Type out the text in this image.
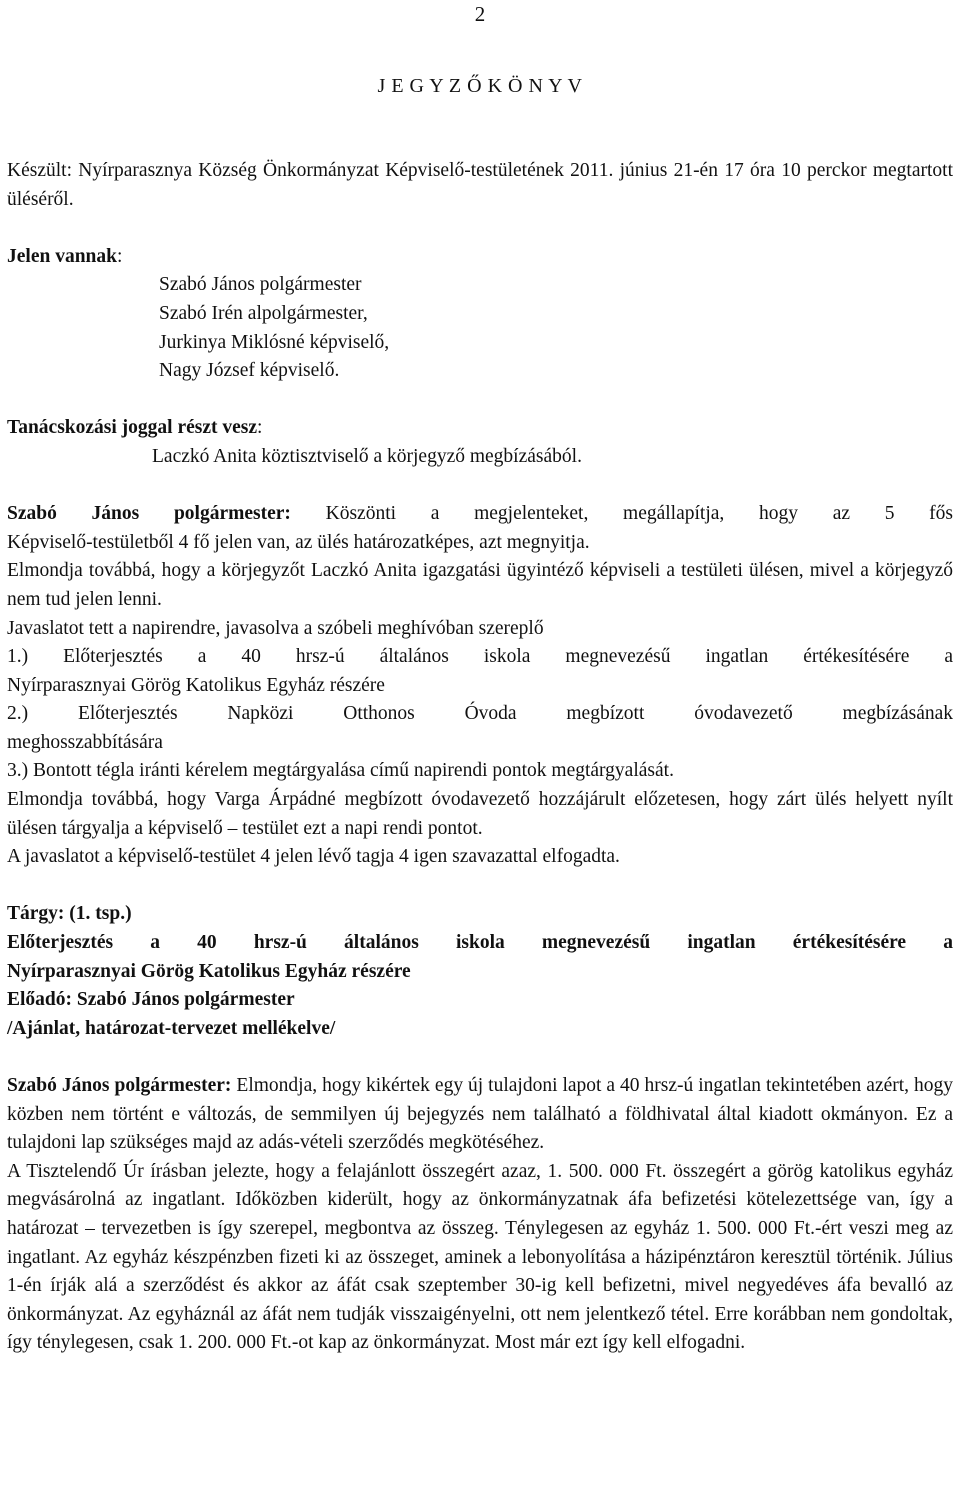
2
J E G Y Z Ő K Ö N Y V

Készült: Nyírparasznya Község Önkormányzat Képviselő-testületének 2011. június 21-én 17 óra 10 perckor megtartott üléséről.

Jelen vannak:

Szabó János polgármester

Szabó Irén alpolgármester,

Jurkinya Miklósné képviselő,

Nagy József képviselő.

Tanácskozási joggal részt vesz:

Laczkó Anita köztisztviselő a körjegyző megbízásából.

Szabó János polgármester: Köszönti a megjelenteket, megállapítja, hogy az 5 fős

Képviselő-testületből 4 fő jelen van, az ülés határozatképes, azt megnyitja.

Elmondja továbbá, hogy a körjegyzőt Laczkó Anita igazgatási ügyintéző képviseli a testületi ülésen, mivel a körjegyző nem tud jelen lenni.

Javaslatot tett a napirendre, javasolva a szóbeli meghívóban szereplő

1.) Előterjesztés a 40 hrsz-ú általános iskola megnevezésű ingatlan értékesítésére a

Nyírparasznyai Görög Katolikus Egyház részére

2.) Előterjesztés Napközi Otthonos Óvoda megbízott óvodavezető megbízásának

meghosszabbítására

3.) Bontott tégla iránti kérelem megtárgyalása című napirendi pontok megtárgyalását.

Elmondja továbbá, hogy Varga Árpádné megbízott óvodavezető hozzájárult előzetesen, hogy zárt ülés helyett nyílt ülésen tárgyalja a képviselő – testület ezt a napi rendi pontot.

A javaslatot a képviselő-testület 4 jelen lévő tagja 4 igen szavazattal elfogadta.

Tárgy: (1. tsp.)

Előterjesztés a 40 hrsz-ú általános iskola megnevezésű ingatlan értékesítésére a

Nyírparasznyai Görög Katolikus Egyház részére

Előadó: Szabó János polgármester

/Ajánlat, határozat-tervezet mellékelve/

Szabó János polgármester: Elmondja, hogy kikértek egy új tulajdoni lapot a 40 hrsz-ú ingatlan tekintetében azért, hogy közben nem történt e változás, de semmilyen új bejegyzés nem található a földhivatal által kiadott okmányon. Ez a tulajdoni lap szükséges majd az adás-vételi szerződés megkötéséhez.

A Tisztelendő Úr írásban jelezte, hogy a felajánlott összegért azaz, 1. 500. 000 Ft. összegért a görög katolikus egyház megvásárolná az ingatlant. Időközben kiderült, hogy az önkormányzatnak áfa befizetési kötelezettsége van, így a határozat – tervezetben is így szerepel, megbontva az összeg. Ténylegesen az egyház 1. 500. 000 Ft.-ért veszi meg az ingatlant. Az egyház készpénzben fizeti ki az összeget, aminek a lebonyolítása a házipénztáron keresztül történik. Július 1-én írják alá a szerződést és akkor az áfát csak szeptember 30-ig kell befizetni, mivel negyedéves áfa bevalló az önkormányzat. Az egyháznál az áfát nem tudják visszaigényelni, ott nem jelentkező tétel. Erre korábban nem gondoltak, így ténylegesen, csak 1. 200. 000 Ft.-ot kap az önkormányzat. Most már ezt így kell elfogadni.
